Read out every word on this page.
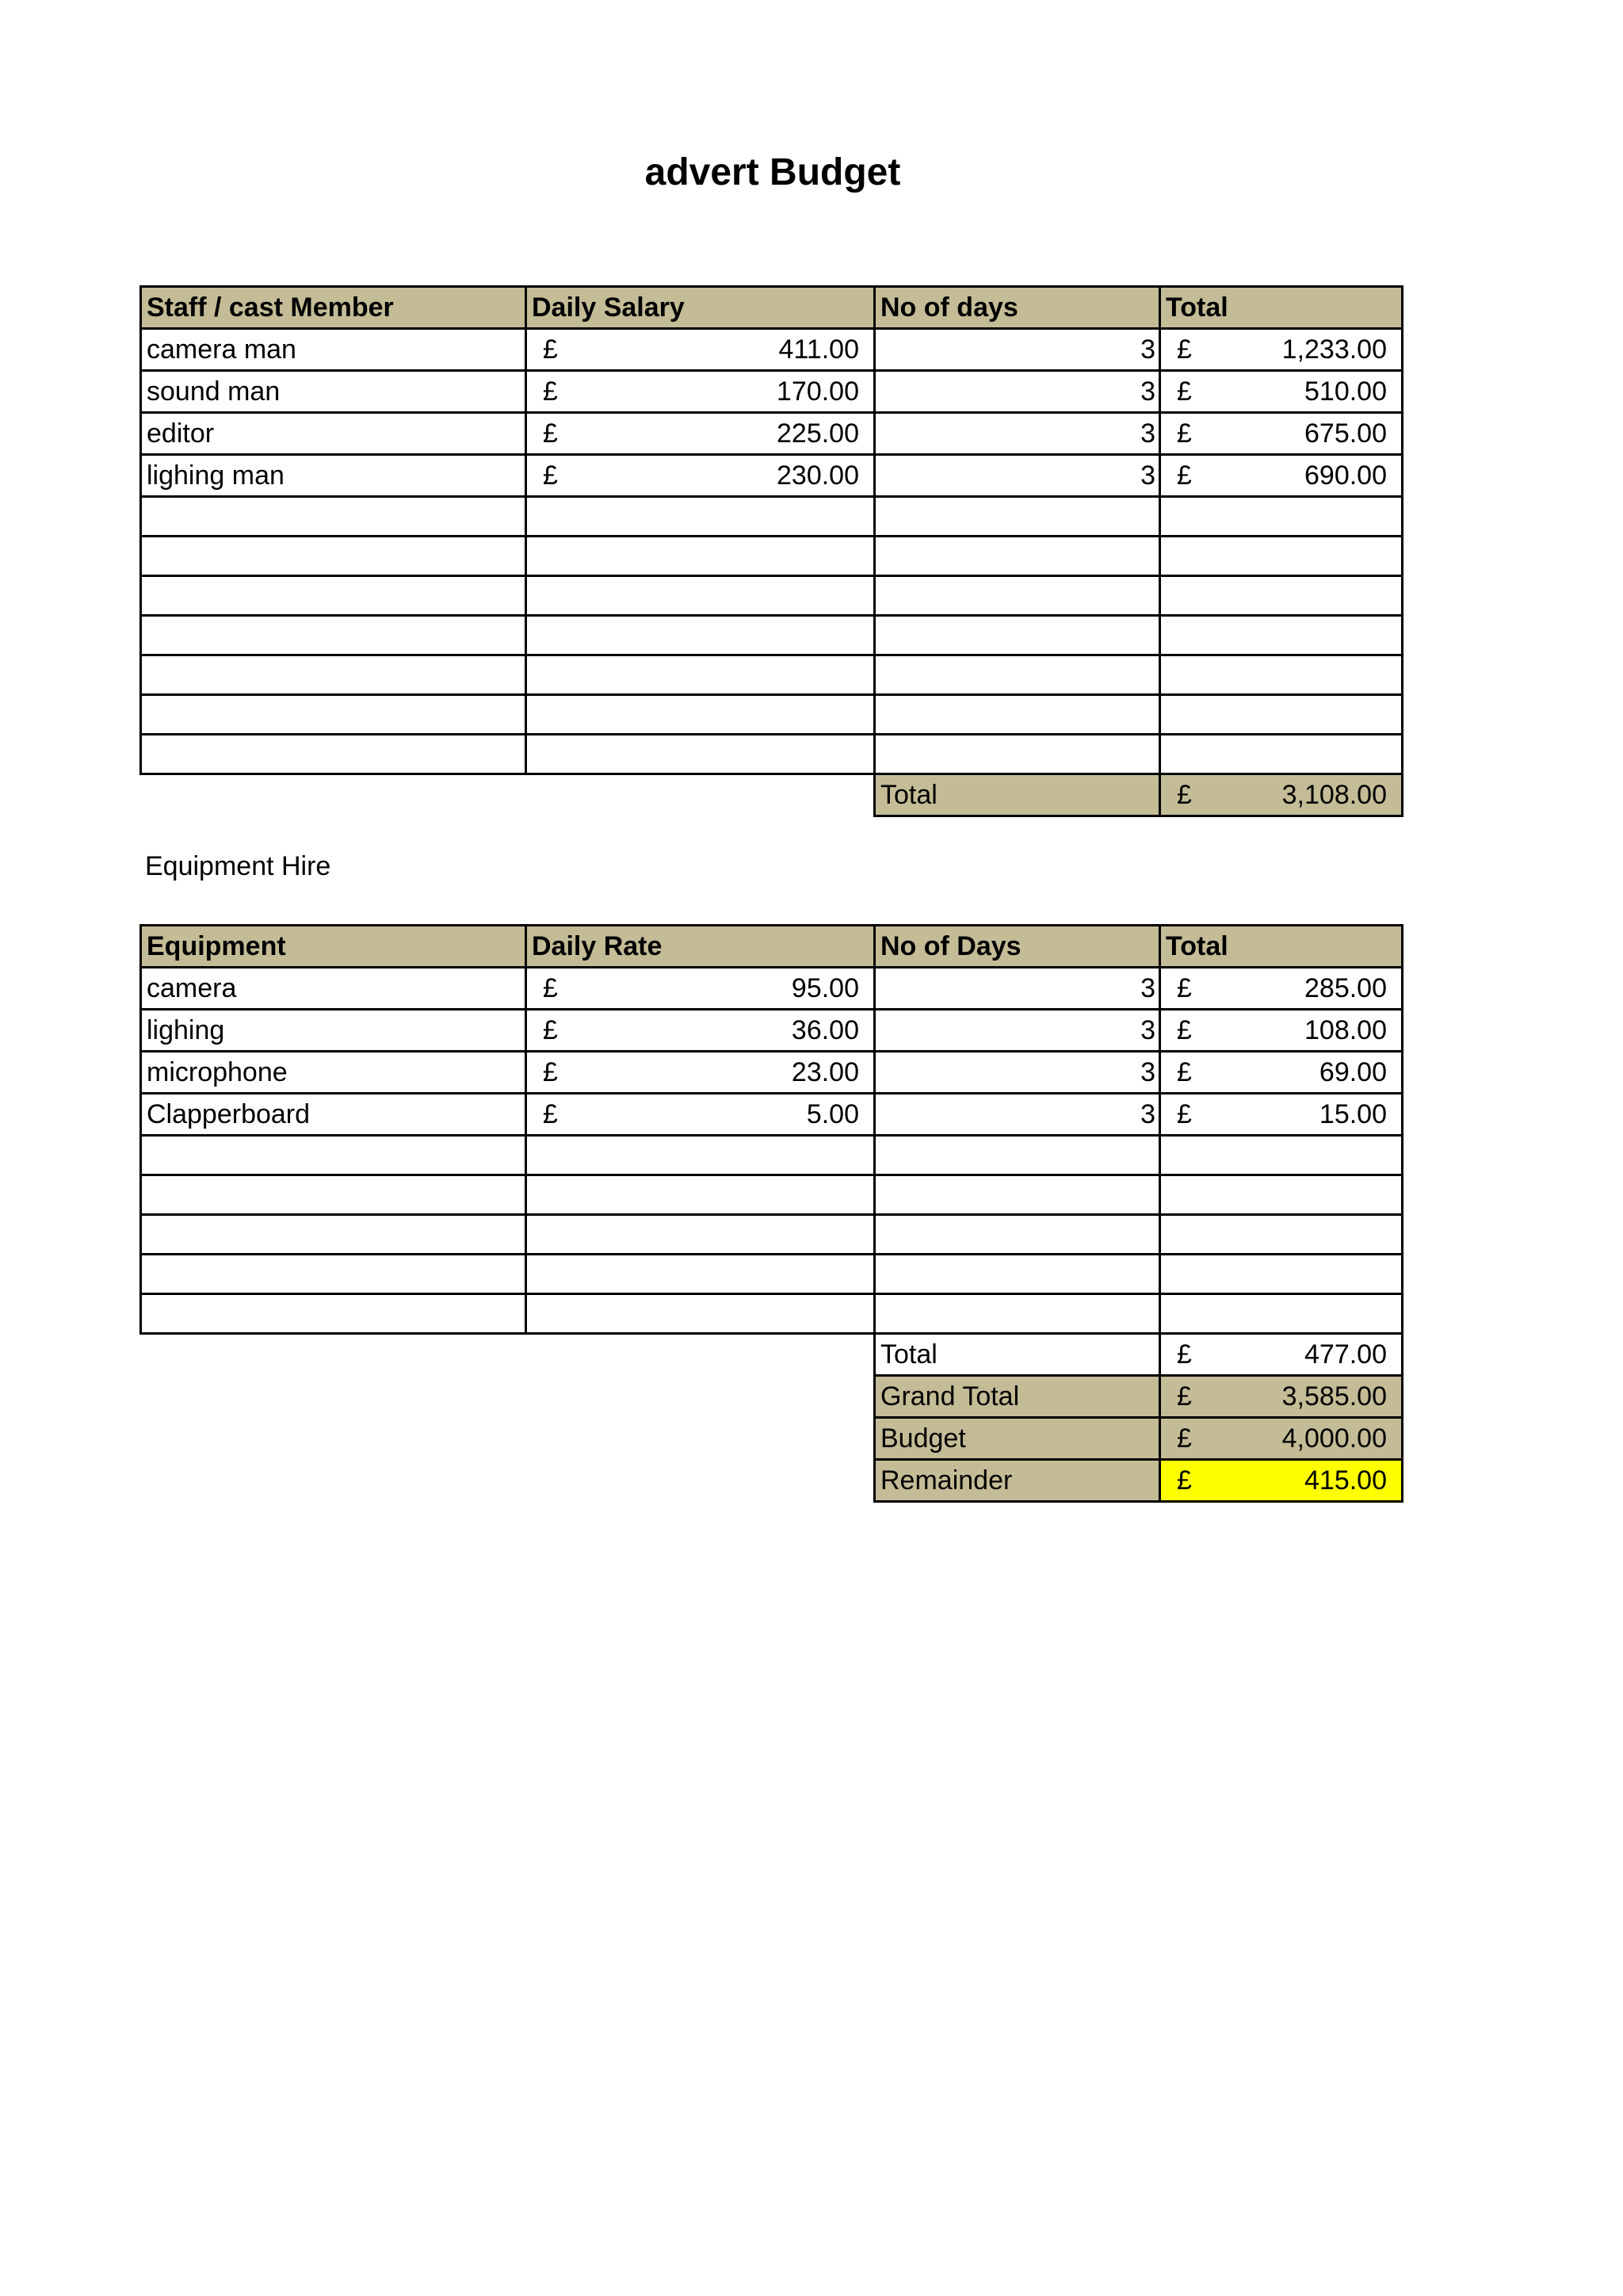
advert Budget
Staff / cast Member	Daily Salary	No of days	Total
camera man	£ 411.00	3	£ 1,233.00

sound man	£ 170.00	3	£ 510.00

editor	£ 225.00	3	£ 675.00

lighing man	£ 230.00	3	£ 690.00

		Total	£ 3,108.00
Equipment Hire
Equipment	Daily Rate	No of Days	Total
camera	£ 95.00	3	£ 285.00

lighing	£ 36.00	3	£ 108.00

microphone	£ 23.00	3	£ 69.00

Clapperboard	£ 5.00	3	£ 15.00

		Total	£ 477.00

		Grand Total	£ 3,585.00

		Budget	£ 4,000.00

		Remainder	£ 415.00
